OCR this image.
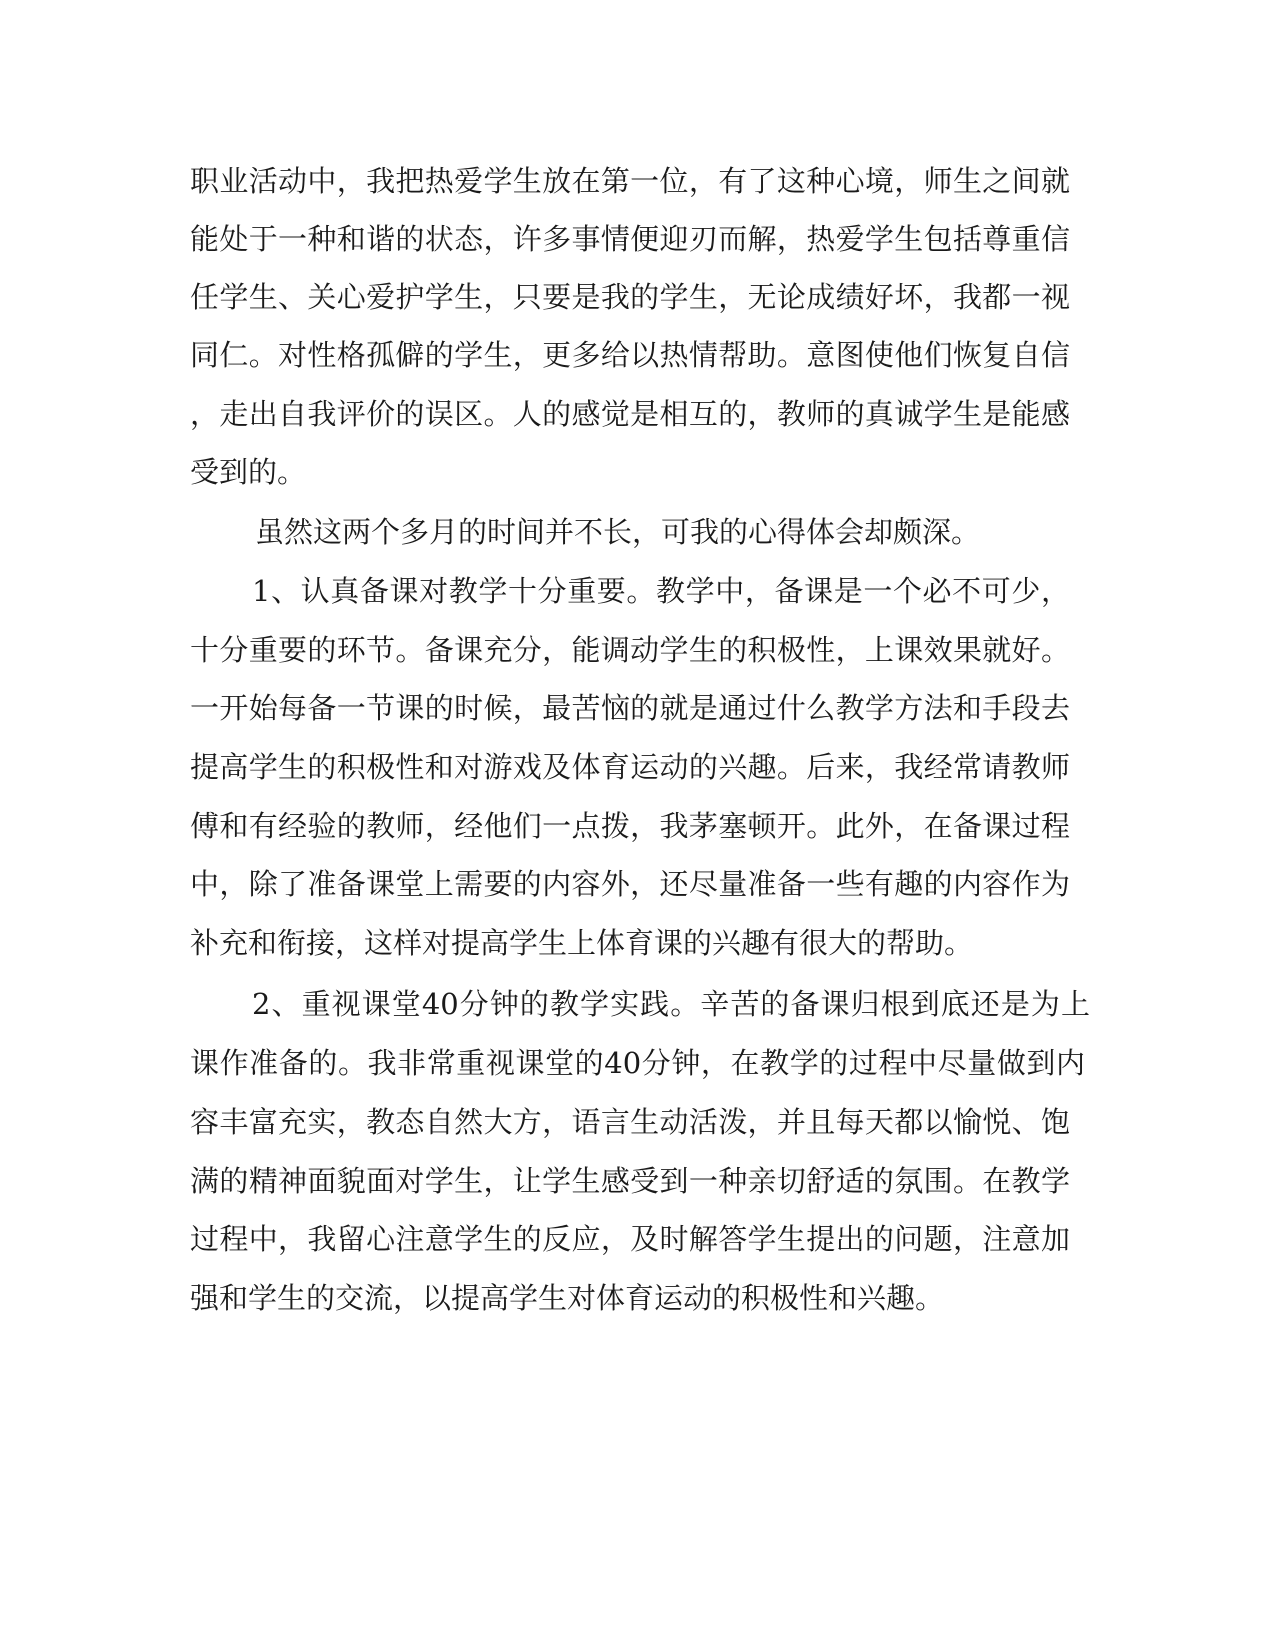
职业活动中，我把热爱学生放在第一位，有了这种心境，师生之间就
能处于一种和谐的状态，许多事情便迎刃而解，热爱学生包括尊重信
任学生、关心爱护学生，只要是我的学生，无论成绩好坏，我都一视
同仁。对性格孤僻的学生，更多给以热情帮助。意图使他们恢复自信
，走出自我评价的误区。人的感觉是相互的，教师的真诚学生是能感
受到的。
虽然这两个多月的时间并不长，可我的心得体会却颇深。
1、认真备课对教学十分重要。教学中，备课是一个必不可少，
十分重要的环节。备课充分，能调动学生的积极性，上课效果就好。
一开始每备一节课的时候，最苦恼的就是通过什么教学方法和手段去
提高学生的积极性和对游戏及体育运动的兴趣。后来，我经常请教师
傅和有经验的教师，经他们一点拨，我茅塞顿开。此外，在备课过程
中，除了准备课堂上需要的内容外，还尽量准备一些有趣的内容作为
补充和衔接，这样对提高学生上体育课的兴趣有很大的帮助。
2、重视课堂40分钟的教学实践。辛苦的备课归根到底还是为上
课作准备的。我非常重视课堂的40分钟，在教学的过程中尽量做到内
容丰富充实，教态自然大方，语言生动活泼，并且每天都以愉悦、饱
满的精神面貌面对学生，让学生感受到一种亲切舒适的氛围。在教学
过程中，我留心注意学生的反应，及时解答学生提出的问题，注意加
强和学生的交流，以提高学生对体育运动的积极性和兴趣。
